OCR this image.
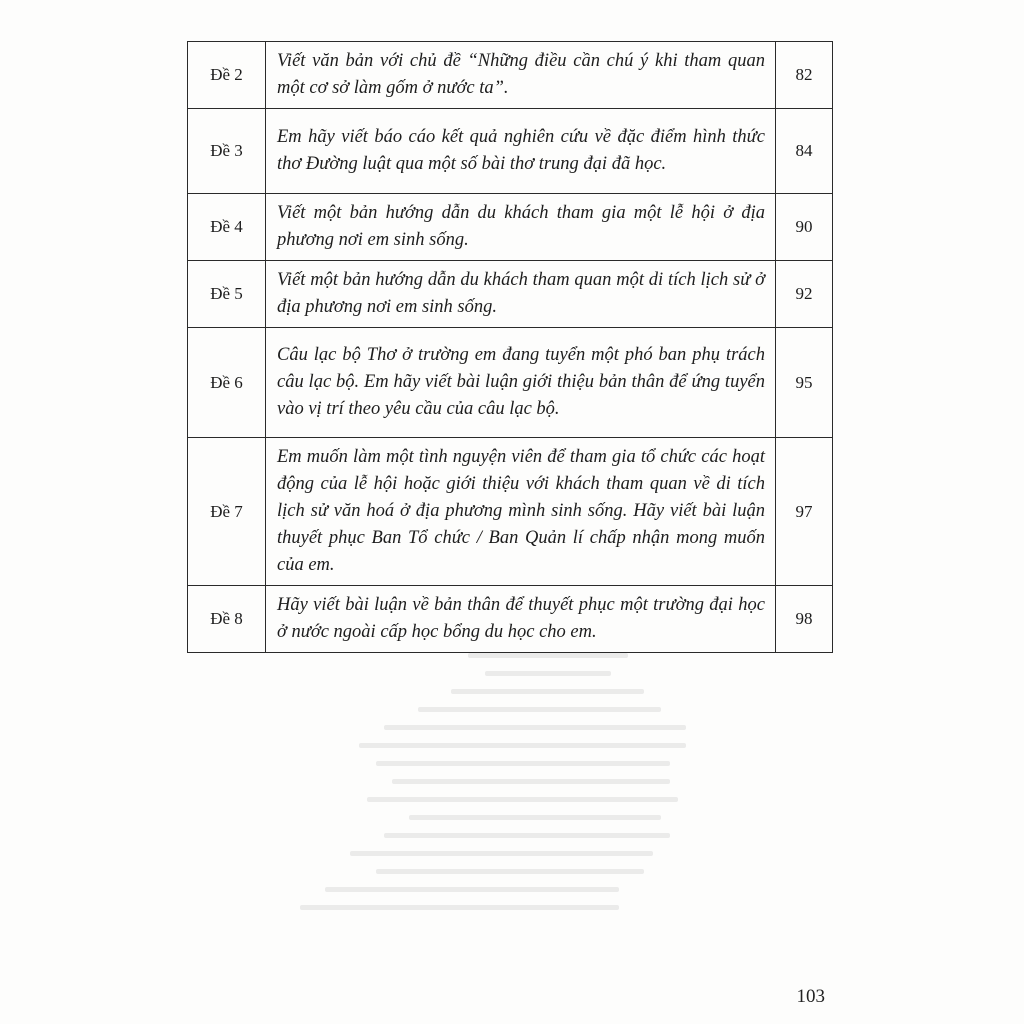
Đề 2	Viết văn bản với chủ đề “Những điều cần chú ý khi tham quan một cơ sở làm gốm ở nước ta”.	82
Đề 3	Em hãy viết báo cáo kết quả nghiên cứu về đặc điểm hình thức thơ Đường luật qua một số bài thơ trung đại đã học.	84
Đề 4	Viết một bản hướng dẫn du khách tham gia một lễ hội ở địa phương nơi em sinh sống.	90
Đề 5	Viết một bản hướng dẫn du khách tham quan một di tích lịch sử ở địa phương nơi em sinh sống.	92
Đề 6	Câu lạc bộ Thơ ở trường em đang tuyển một phó ban phụ trách câu lạc bộ. Em hãy viết bài luận giới thiệu bản thân để ứng tuyển vào vị trí theo yêu cầu của câu lạc bộ.	95
Đề 7	Em muốn làm một tình nguyện viên để tham gia tổ chức các hoạt động của lễ hội hoặc giới thiệu với khách tham quan về di tích lịch sử văn hoá ở địa phương mình sinh sống. Hãy viết bài luận thuyết phục Ban Tổ chức / Ban Quản lí chấp nhận mong muốn của em.	97
Đề 8	Hãy viết bài luận về bản thân để thuyết phục một trường đại học ở nước ngoài cấp học bổng du học cho em.	98
103
